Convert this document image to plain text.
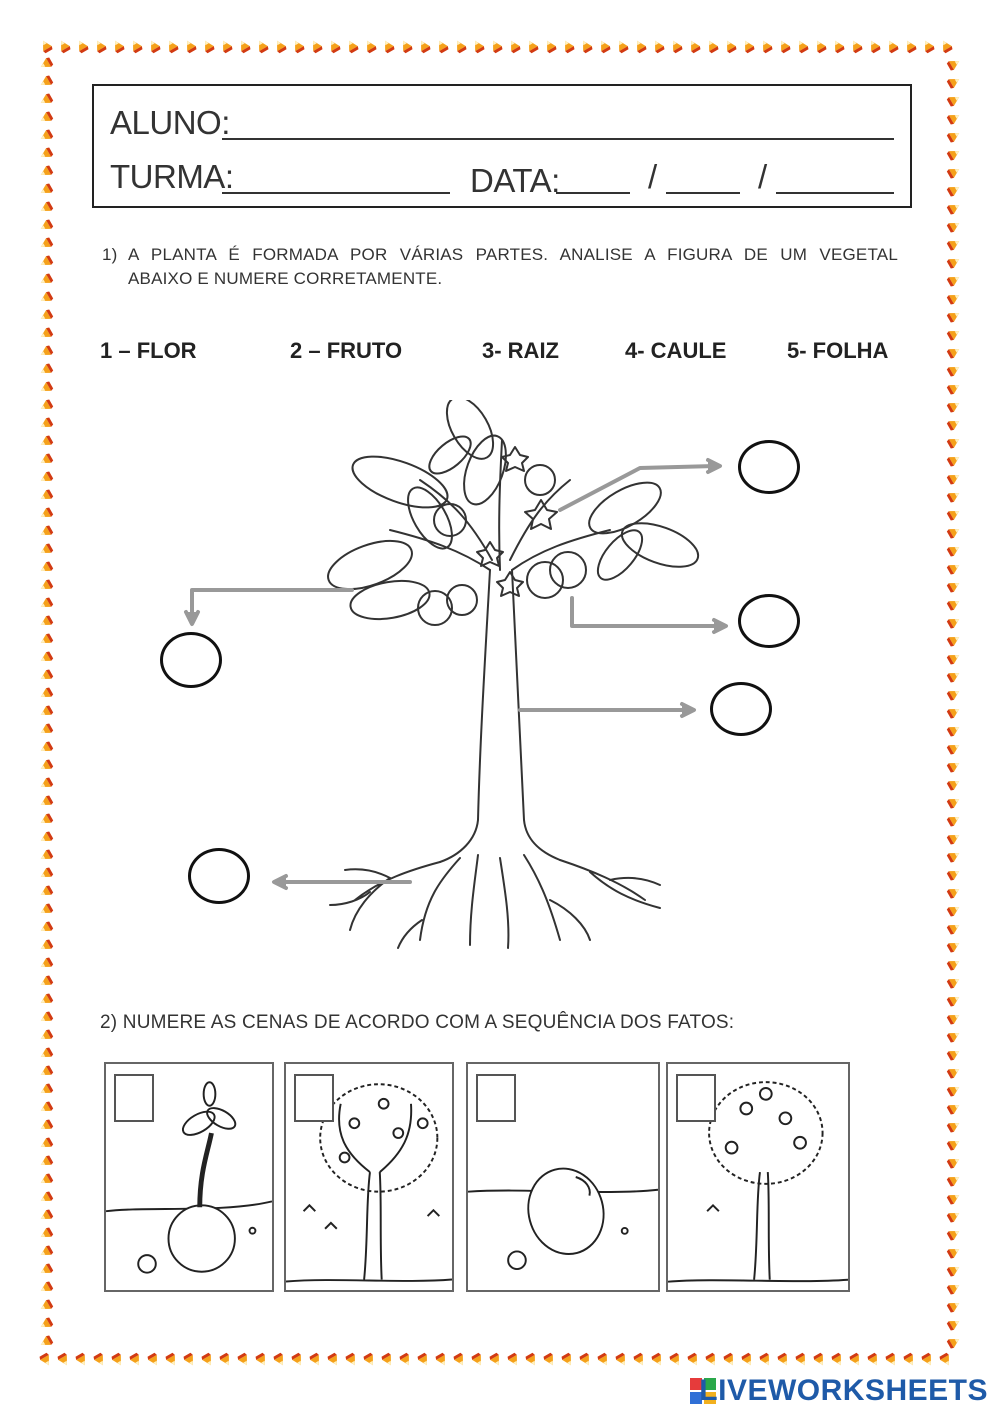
ALUNO:
TURMA:	DATA:	/	/
1) A PLANTA É FORMADA POR VÁRIAS PARTES. ANALISE A FIGURA DE UM VEGETAL
ABAIXO E NUMERE CORRETAMENTE.
1 – FLOR	2 – FRUTO	3- RAIZ	4- CAULE	5- FOLHA
2) NUMERE AS CENAS DE ACORDO COM A SEQUÊNCIA DOS FATOS:
LIVEWORKSHEETS
